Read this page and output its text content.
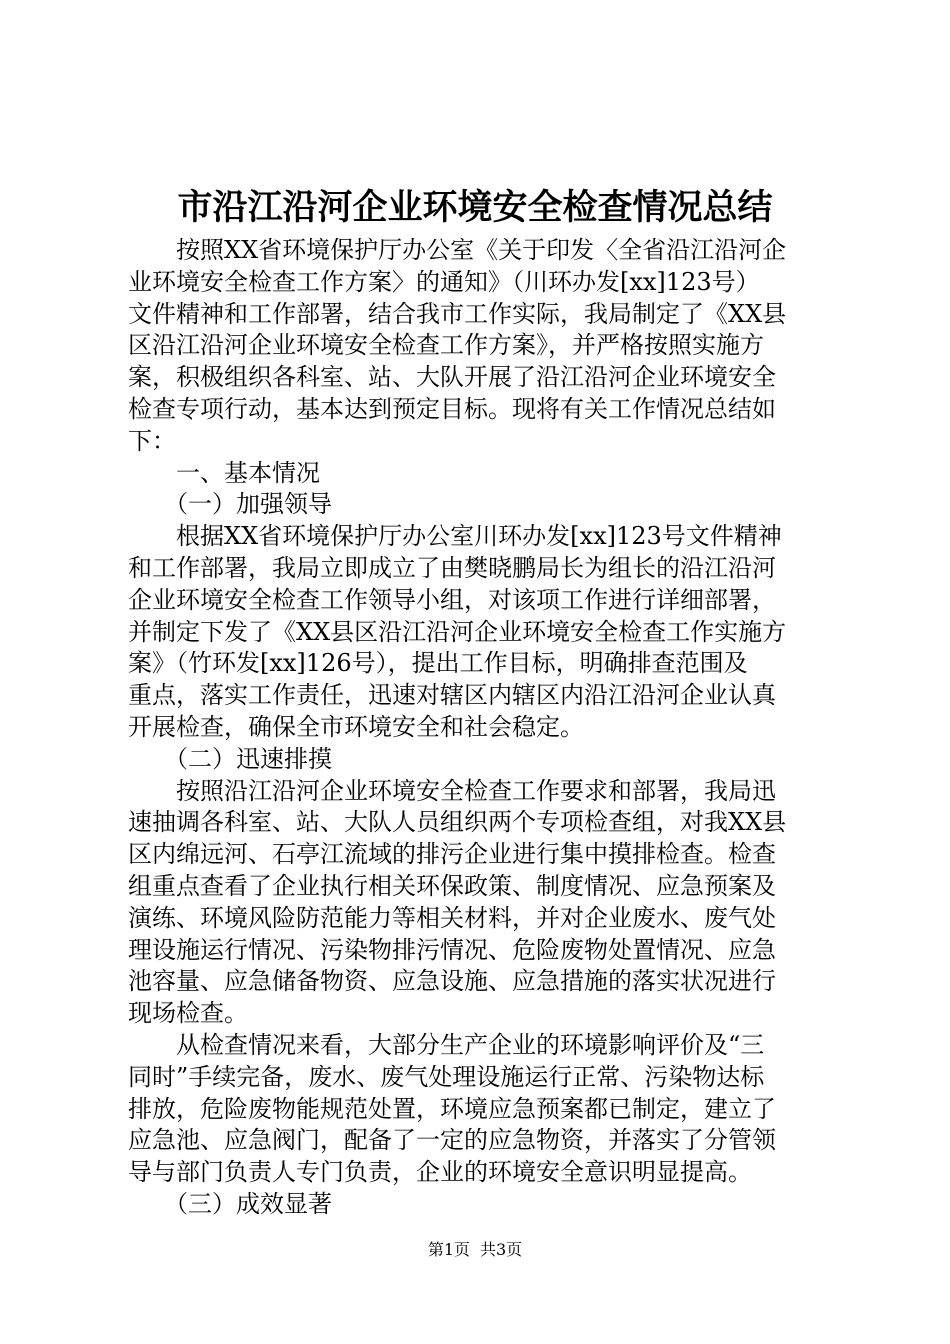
市沿江沿河企业环境安全检查情况总结
　　按照XX省环境保护厅办公室《关于印发〈全省沿江沿河企
业环境安全检查工作方案〉的通知》（川环办发[xx]123号）
文件精神和工作部署，结合我市工作实际，我局制定了《XX县
区沿江沿河企业环境安全检查工作方案》，并严格按照实施方
案，积极组织各科室、站、大队开展了沿江沿河企业环境安全
检查专项行动，基本达到预定目标。现将有关工作情况总结如
下：
　　一、基本情况
　　（一）加强领导
　　根据XX省环境保护厅办公室川环办发[xx]123号文件精神
和工作部署，我局立即成立了由樊晓鹏局长为组长的沿江沿河
企业环境安全检查工作领导小组，对该项工作进行详细部署，
并制定下发了《XX县区沿江沿河企业环境安全检查工作实施方
案》（竹环发[xx]126号），提出工作目标，明确排查范围及
重点，落实工作责任，迅速对辖区内辖区内沿江沿河企业认真
开展检查，确保全市环境安全和社会稳定。
　　（二）迅速排摸
　　按照沿江沿河企业环境安全检查工作要求和部署，我局迅
速抽调各科室、站、大队人员组织两个专项检查组，对我XX县
区内绵远河、石亭江流域的排污企业进行集中摸排检查。检查
组重点查看了企业执行相关环保政策、制度情况、应急预案及
演练、环境风险防范能力等相关材料，并对企业废水、废气处
理设施运行情况、污染物排污情况、危险废物处置情况、应急
池容量、应急储备物资、应急设施、应急措施的落实状况进行
现场检查。
　　从检查情况来看，大部分生产企业的环境影响评价及“三
同时”手续完备，废水、废气处理设施运行正常、污染物达标
排放，危险废物能规范处置，环境应急预案都已制定，建立了
应急池、应急阀门，配备了一定的应急物资，并落实了分管领
导与部门负责人专门负责，企业的环境安全意识明显提高。
　　（三）成效显著
第1页 共3页
